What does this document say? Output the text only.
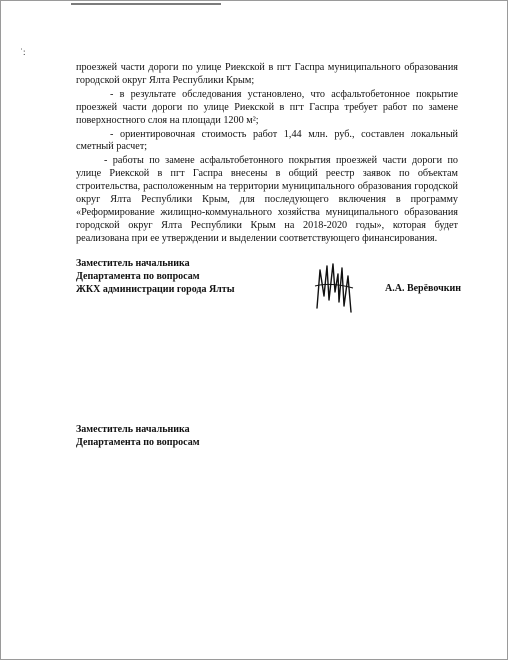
˙:

проезжей части дороги по улице Риекской в пгт Гаспра муниципального образования городской округ Ялта Республики Крым;

- в результате обследования установлено, что асфальтобетонное покрытие проезжей части дороги по улице Риекской в пгт Гаспра требует работ по замене поверхностного слоя на площади 1200 м²;

- ориентировочная стоимость работ 1,44 млн. руб., составлен локальный сметный расчет;

- работы по замене асфальтобетонного покрытия проезжей части дороги по улице Риекской в пгт Гаспра внесены в общий реестр заявок по объектам строительства, расположенным на территории муниципального образования городской округ Ялта Республики Крым, для последующего включения в программу «Реформирование жилищно-коммунального хозяйства муниципального образования городской округ Ялта Республики Крым на 2018-2020 годы», которая будет реализована при ее утверждении и выделении соответствующего финансирования.

Заместитель начальника
Департамента по вопросам
ЖКХ администрации города Ялты	А.А. Верёвочкин
Заместитель начальника
Департамента по вопросам
